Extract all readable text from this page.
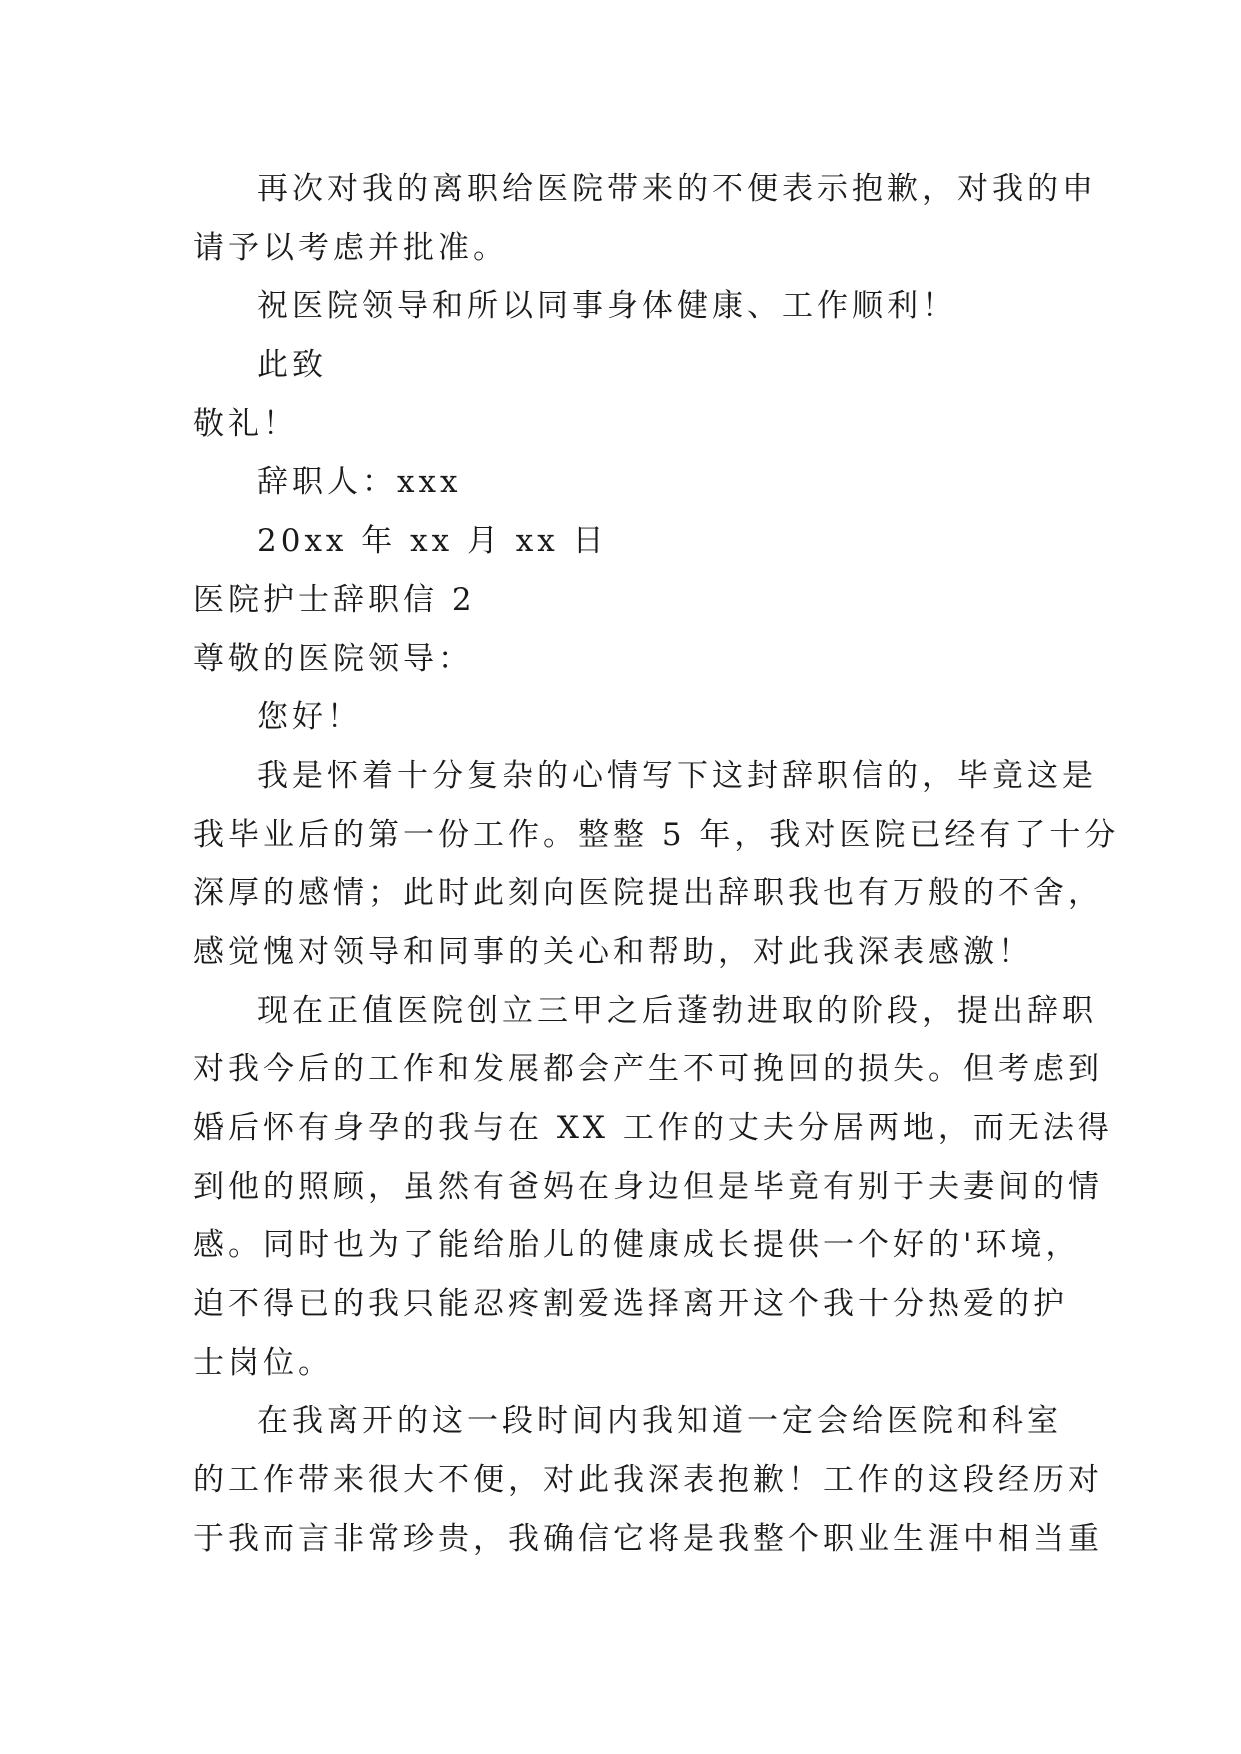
再次对我的离职给医院带来的不便表示抱歉，对我的申
请予以考虑并批准。
祝医院领导和所以同事身体健康、工作顺利！
此致
敬礼！
辞职人：xxx
20xx 年 xx 月 xx 日
医院护士辞职信 2
尊敬的医院领导：
您好！
我是怀着十分复杂的心情写下这封辞职信的，毕竟这是
我毕业后的第一份工作。整整 5 年，我对医院已经有了十分
深厚的感情；此时此刻向医院提出辞职我也有万般的不舍，
感觉愧对领导和同事的关心和帮助，对此我深表感激！
现在正值医院创立三甲之后蓬勃进取的阶段，提出辞职
对我今后的工作和发展都会产生不可挽回的损失。但考虑到
婚后怀有身孕的我与在 XX 工作的丈夫分居两地，而无法得
到他的照顾，虽然有爸妈在身边但是毕竟有别于夫妻间的情
感。同时也为了能给胎儿的健康成长提供一个好的'环境，
迫不得已的我只能忍疼割爱选择离开这个我十分热爱的护
士岗位。
在我离开的这一段时间内我知道一定会给医院和科室
的工作带来很大不便，对此我深表抱歉！工作的这段经历对
于我而言非常珍贵，我确信它将是我整个职业生涯中相当重
